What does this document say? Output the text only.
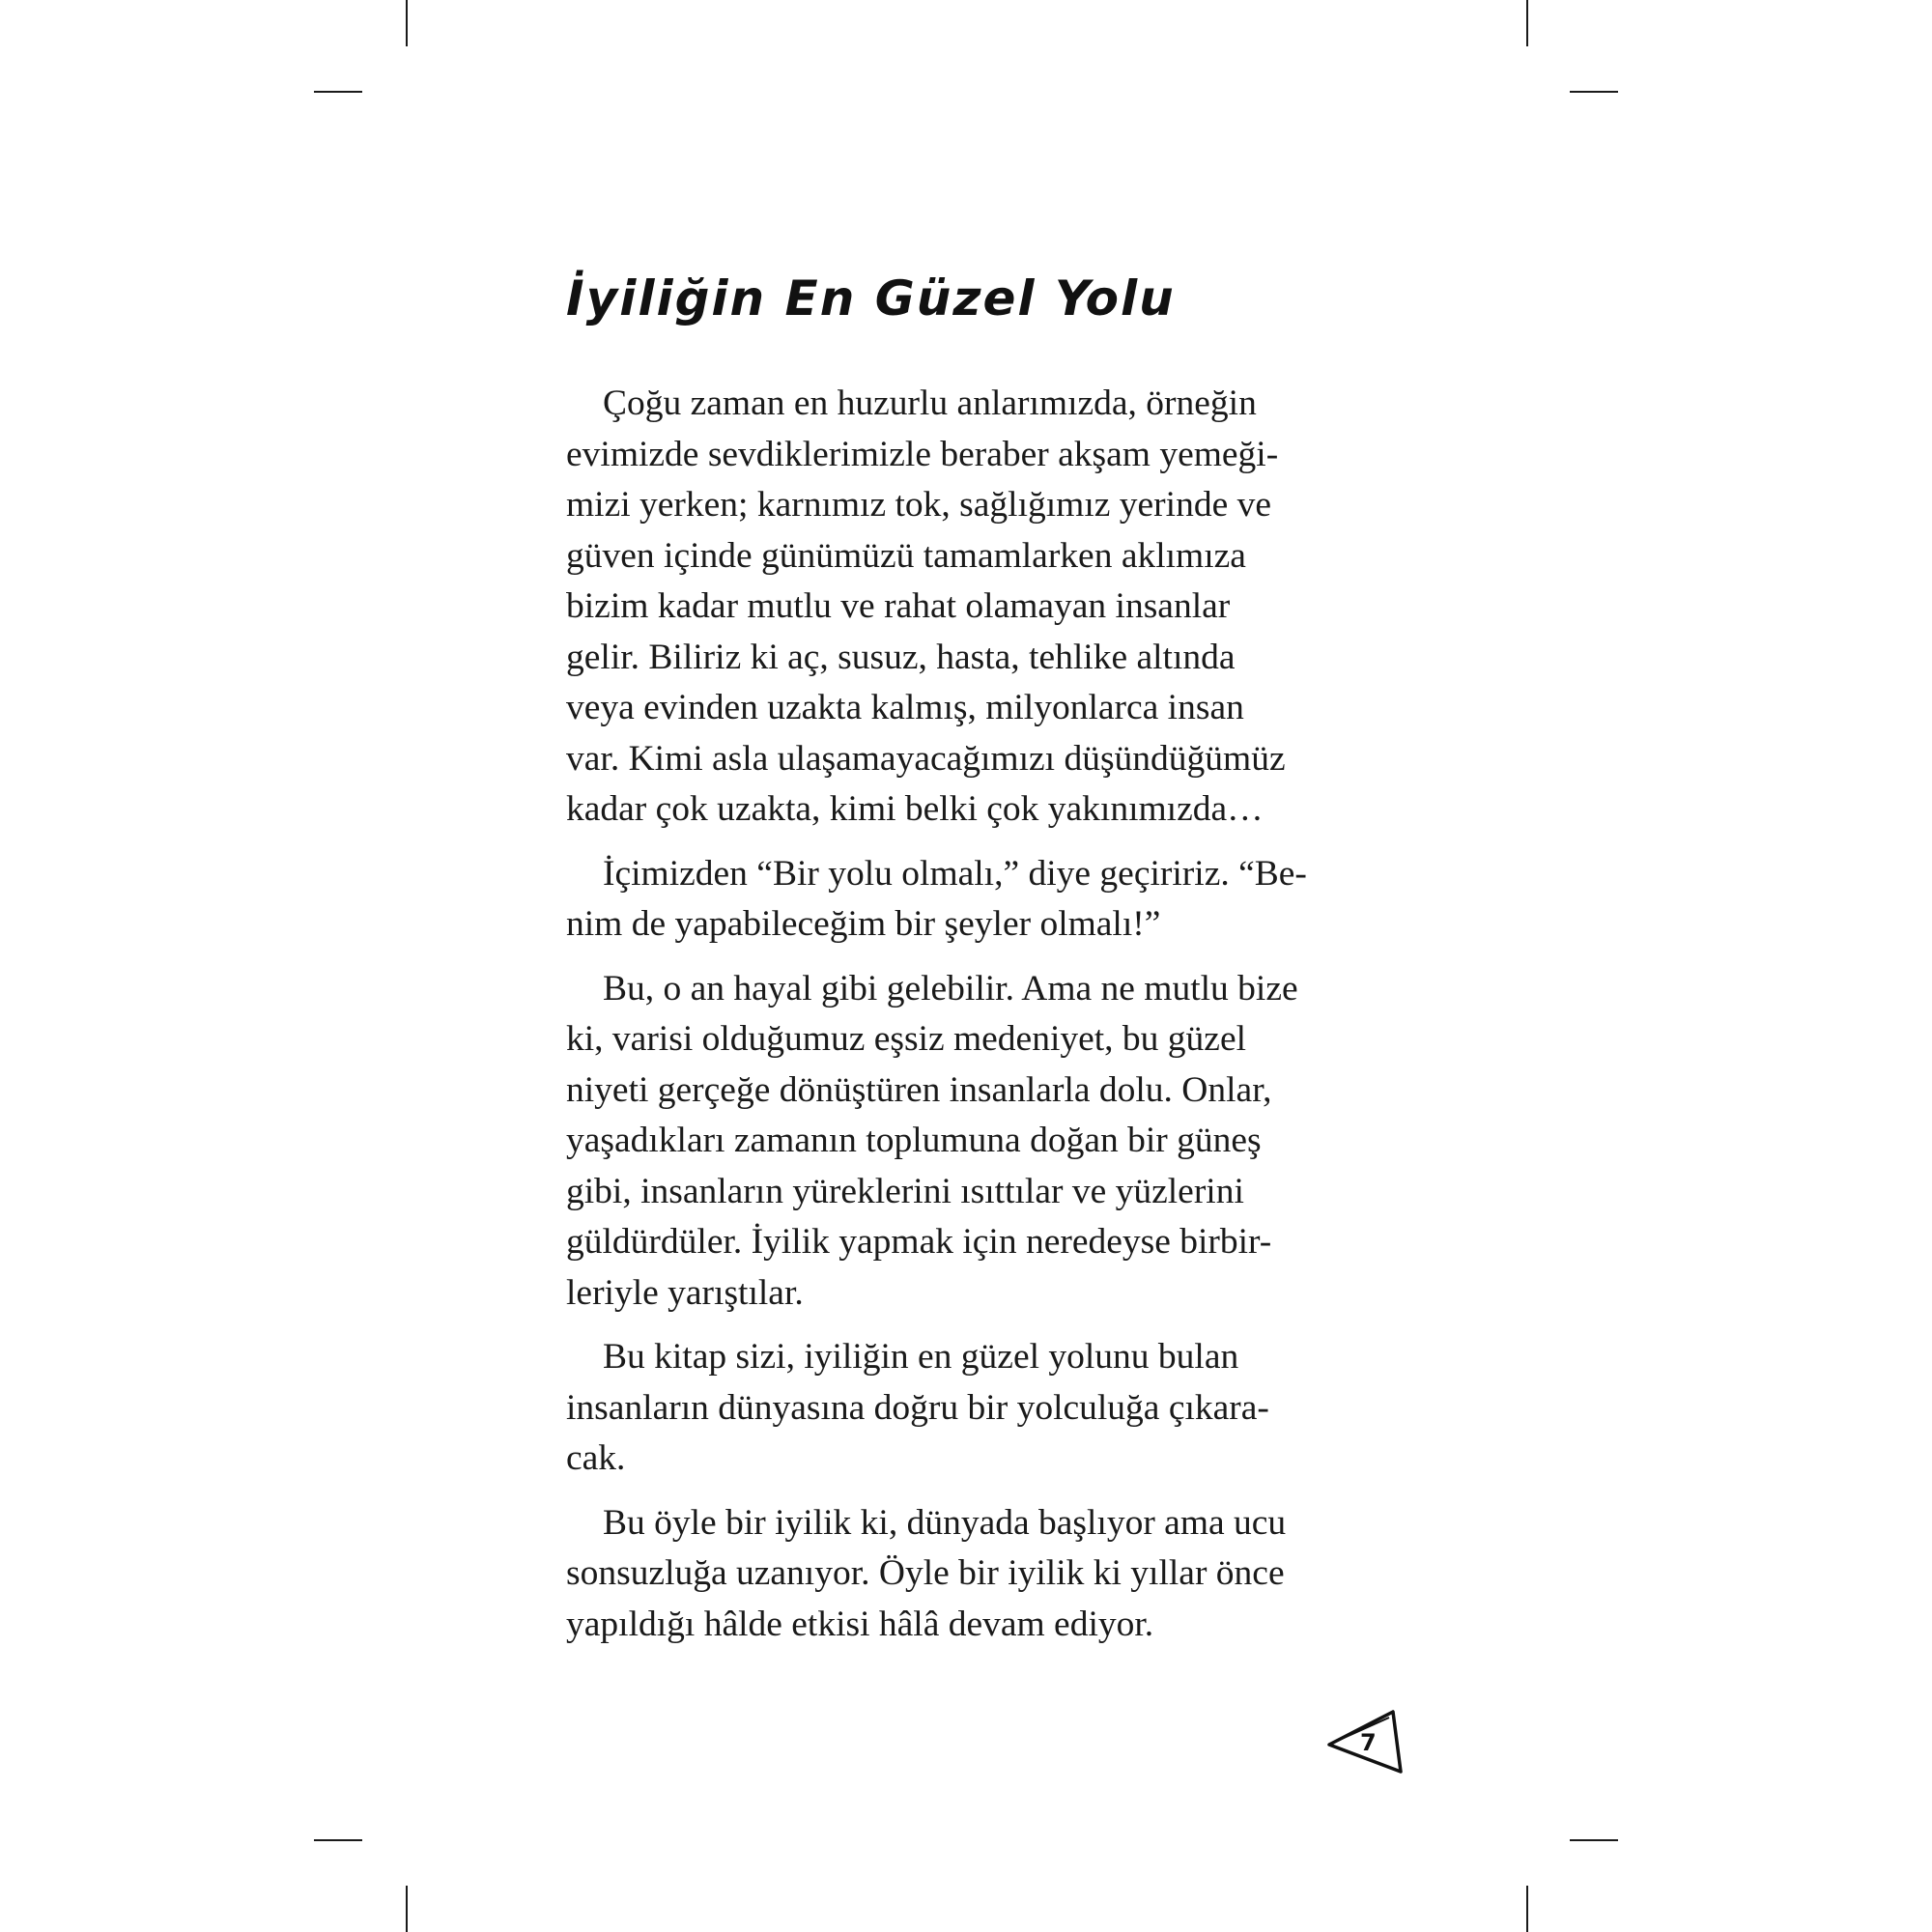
İyiliğin En Güzel Yolu

Çoğu zaman en huzurlu anlarımızda, örneğin
evimizde sevdiklerimizle beraber akşam yemeği-
mizi yerken; karnımız tok, sağlığımız yerinde ve
güven içinde günümüzü tamamlarken aklımıza
bizim kadar mutlu ve rahat olamayan insanlar
gelir. Biliriz ki aç, susuz, hasta, tehlike altında
veya evinden uzakta kalmış, milyonlarca insan
var. Kimi asla ulaşamayacağımızı düşündüğümüz
kadar çok uzakta, kimi belki çok yakınımızda…

İçimizden “Bir yolu olmalı,” diye geçiririz. “Be-
nim de yapabileceğim bir şeyler olmalı!”

Bu, o an hayal gibi gelebilir. Ama ne mutlu bize
ki, varisi olduğumuz eşsiz medeniyet, bu güzel
niyeti gerçeğe dönüştüren insanlarla dolu. Onlar,
yaşadıkları zamanın toplumuna doğan bir güneş
gibi, insanların yüreklerini ısıttılar ve yüzlerini
güldürdüler. İyilik yapmak için neredeyse birbir-
leriyle yarıştılar.

Bu kitap sizi, iyiliğin en güzel yolunu bulan
insanların dünyasına doğru bir yolculuğa çıkara-
cak.

Bu öyle bir iyilik ki, dünyada başlıyor ama ucu
sonsuzluğa uzanıyor. Öyle bir iyilik ki yıllar önce
yapıldığı hâlde etkisi hâlâ devam ediyor.

7
